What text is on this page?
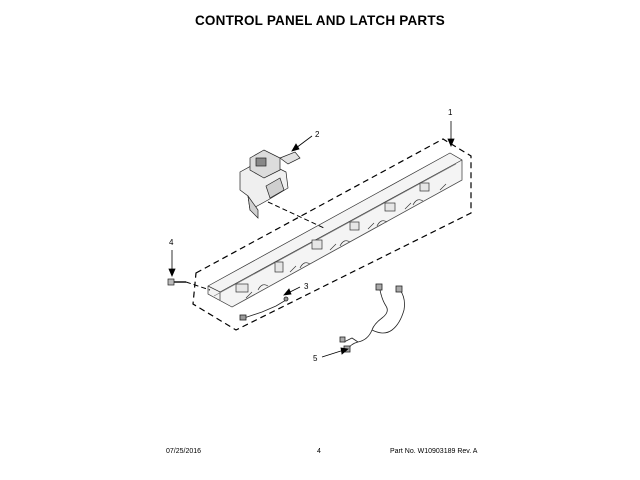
CONTROL PANEL AND LATCH PARTS
1
2
3
4
5
07/25/2016	4	Part No. W10903189 Rev. A
